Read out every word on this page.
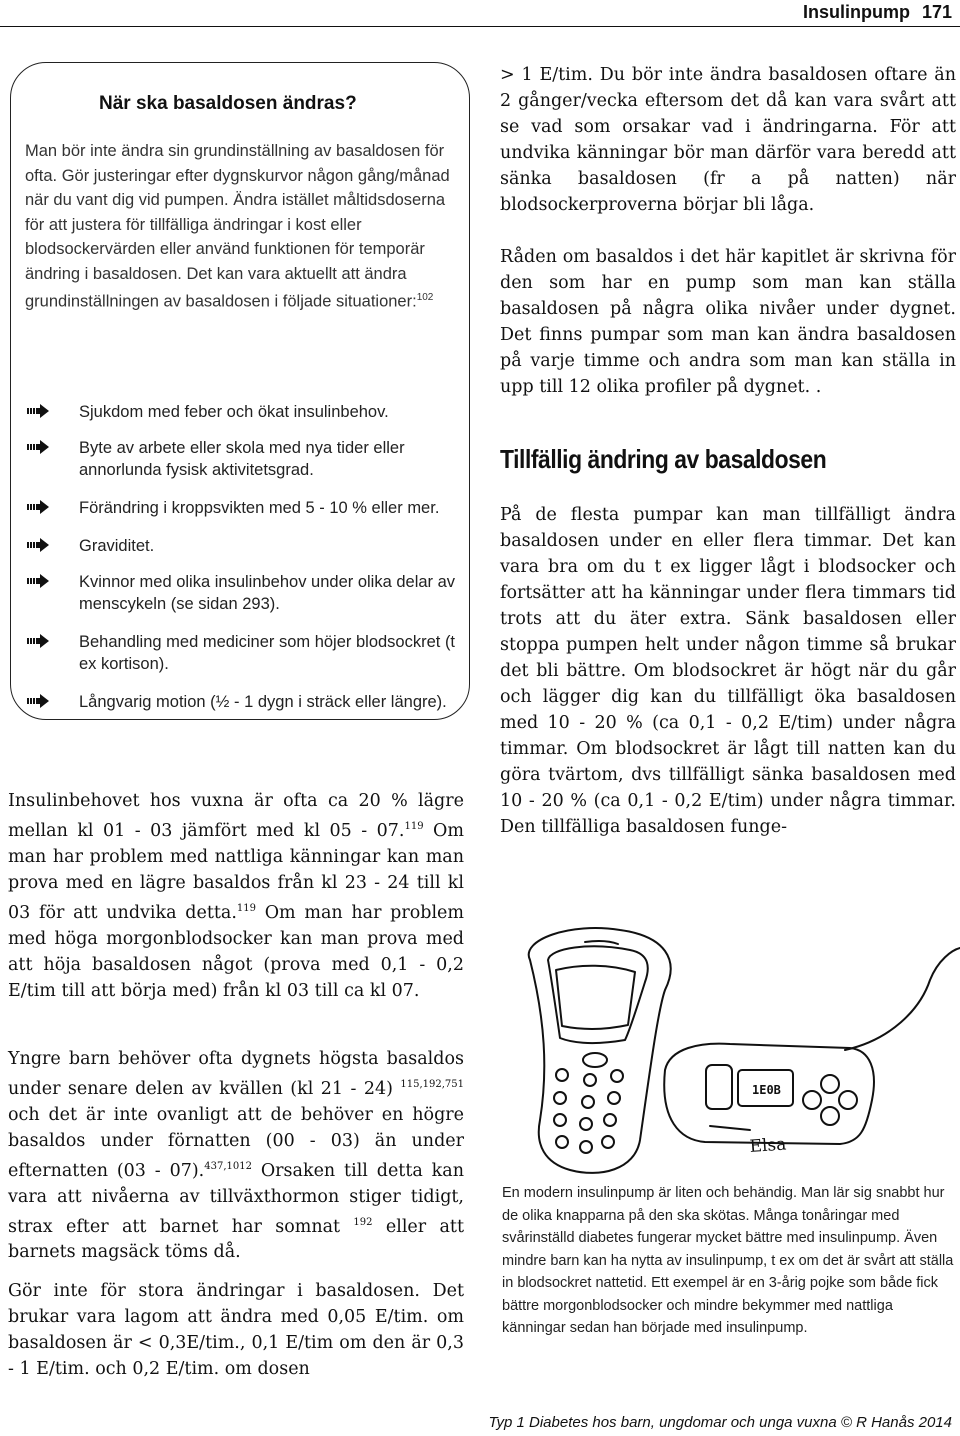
Insulinpump 171
När ska basaldosen ändras?
Man bör inte ändra sin grundinställning av basaldosen för ofta. Gör justeringar efter dygnskurvor någon gång/månad när du vant dig vid pumpen. Ändra istället måltidsdoserna för att justera för tillfälliga ändringar i kost eller blodsockervärden eller använd funktionen för temporär ändring i basaldosen. Det kan vara aktuellt att ändra grundinställningen av basaldosen i följade situationer:$^{102}$
Sjukdom med feber och ökat insulinbehov.
Byte av arbete eller skola med nya tider eller annorlunda fysisk aktivitetsgrad.
Förändring i kroppsvikten med 5 - 10 % eller mer.
Graviditet.
Kvinnor med olika insulinbehov under olika delar av menscykeln (se sidan 293).
Behandling med mediciner som höjer blodsockret (t ex kortison).
Långvarig motion (½ - 1 dygn i sträck eller längre).
Insulinbehovet hos vuxna är ofta ca 20 % lägre mellan kl 01 - 03 jämfört med kl 05 - 07.$^{119}$ Om man har problem med nattliga känningar kan man prova med en lägre basaldos från kl 23 - 24 till kl 03 för att undvika detta.$^{119}$ Om man har problem med höga morgonblodsocker kan man prova med att höja basaldosen något (prova med 0,1 - 0,2 E/tim till att börja med) från kl 03 till ca kl 07.
Yngre barn behöver ofta dygnets högsta basaldos under senare delen av kvällen (kl 21 - 24) $^{115,192,751}$ och det är inte ovanligt att de behöver en högre basaldos under förnatten (00 - 03) än under efternatten (03 - 07).$^{437,1012}$ Orsaken till detta kan vara att nivåerna av tillväxthormon stiger tidigt, strax efter att barnet har somnat $^{192}$ eller att barnets magsäck töms då.
Gör inte för stora ändringar i basaldosen. Det brukar vara lagom att ändra med 0,05 E/tim. om basaldosen är < 0,3E/tim., 0,1 E/tim om den är 0,3 - 1 E/tim. och 0,2 E/tim. om dosen
> 1 E/tim. Du bör inte ändra basaldosen oftare än 2 gånger/vecka eftersom det då kan vara svårt att se vad som orsakar vad i ändringarna. För att undvika känningar bör man därför vara beredd att sänka basaldosen (fr a på natten) när blodsockerproverna börjar bli låga.
Råden om basaldos i det här kapitlet är skrivna för den som har en pump som man kan ställa basaldosen på några olika nivåer under dygnet. Det finns pumpar som man kan ändra basaldosen på varje timme och andra som man kan ställa in upp till 12 olika profiler på dygnet. .
Tillfällig ändring av basaldosen
På de flesta pumpar kan man tillfälligt ändra basaldosen under en eller flera timmar. Det kan vara bra om du t ex ligger lågt i blodsocker och fortsätter att ha känningar under flera timmars tid trots att du äter extra. Sänk basaldosen eller stoppa pumpen helt under någon timme så brukar det bli bättre. Om blodsockret är högt när du går och lägger dig kan du tillfälligt öka basaldosen med 10 - 20 % (ca 0,1 - 0,2 E/tim) under några timmar. Om blodsockret är lågt till natten kan du göra tvärtom, dvs tillfälligt sänka basaldosen med 10 - 20 % (ca 0,1 - 0,2 E/tim) under några timmar. Den tillfälliga basaldosen funge-
1E0B
Elsa
En modern insulinpump är liten och behändig. Man lär sig snabbt hur de olika knapparna på den ska skötas. Många tonåringar med svårinställd diabetes fungerar mycket bättre med insulinpump. Även mindre barn kan ha nytta av insulinpump, t ex om det är svårt att ställa in blodsockret nattetid. Ett exempel är en 3-årig pojke som både fick bättre morgonblodsocker och mindre bekymmer med nattliga känningar sedan han började med insulinpump.
Typ 1 Diabetes hos barn, ungdomar och unga vuxna © R Hanås 2014
